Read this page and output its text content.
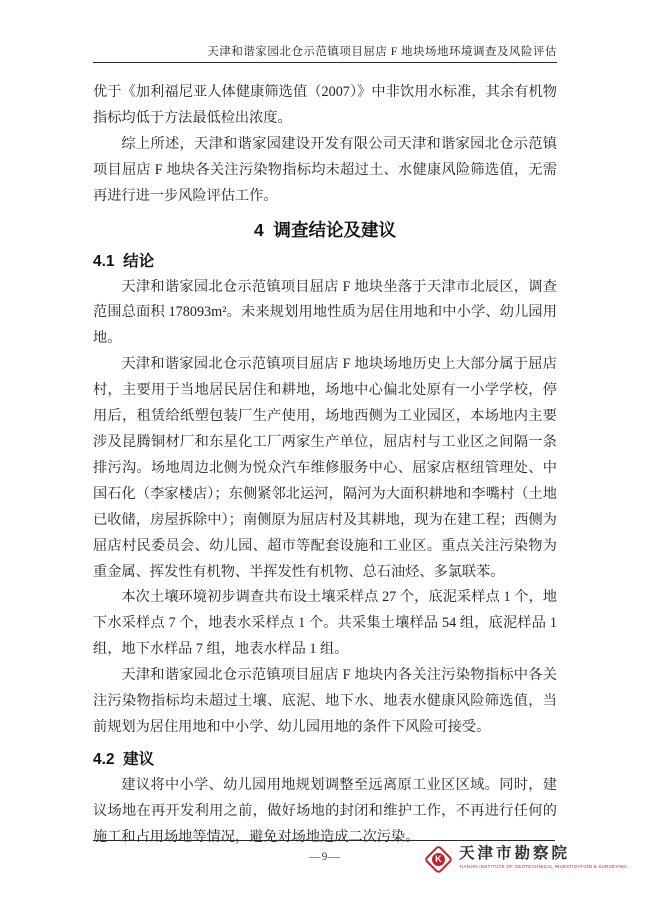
天津和谐家园北仓示范镇项目屈店 F 地块场地环境调查及风险评估

优于《加利福尼亚人体健康筛选值（2007）》中非饮用水标准，其余有机物指标均低于方法最低检出浓度。

综上所述，天津和谐家园建设开发有限公司天津和谐家园北仓示范镇项目屈店 F 地块各关注污染物指标均未超过土、水健康风险筛选值，无需再进行进一步风险评估工作。

4  调查结论及建议
4.1  结论

天津和谐家园北仓示范镇项目屈店 F 地块坐落于天津市北辰区，调查范围总面积 178093m²。未来规划用地性质为居住用地和中小学、幼儿园用地。

天津和谐家园北仓示范镇项目屈店 F 地块场地历史上大部分属于屈店村，主要用于当地居民居住和耕地，场地中心偏北处原有一小学学校，停用后，租赁给纸塑包装厂生产使用，场地西侧为工业园区，本场地内主要涉及昆腾铜材厂和东星化工厂两家生产单位，屈店村与工业区之间隔一条排污沟。场地周边北侧为悦众汽车维修服务中心、屈家店枢纽管理处、中国石化（李家楼店）；东侧紧邻北运河，隔河为大面积耕地和李嘴村（土地已收储，房屋拆除中）；南侧原为屈店村及其耕地，现为在建工程；西侧为屈店村民委员会、幼儿园、超市等配套设施和工业区。重点关注污染物为重金属、挥发性有机物、半挥发性有机物、总石油烃、多氯联苯。

本次土壤环境初步调查共布设土壤采样点 27 个，底泥采样点 1 个，地下水采样点 7 个，地表水采样点 1 个。共采集土壤样品 54 组，底泥样品 1 组，地下水样品 7 组，地表水样品 1 组。

天津和谐家园北仓示范镇项目屈店 F 地块内各关注污染物指标中各关注污染物指标均未超过土壤、底泥、地下水、地表水健康风险筛选值，当前规划为居住用地和中小学、幼儿园用地的条件下风险可接受。

4.2  建议

建议将中小学、幼儿园用地规划调整至远离原工业区区域。同时，建议场地在再开发利用之前，做好场地的封闭和维护工作，不再进行任何的施工和占用场地等情况，避免对场地造成二次污染。

—9—	K 天津市勘察院
TIANJIN INSTITUTE OF GEOTECHNICAL INVESTIGATION & SURVEYING
